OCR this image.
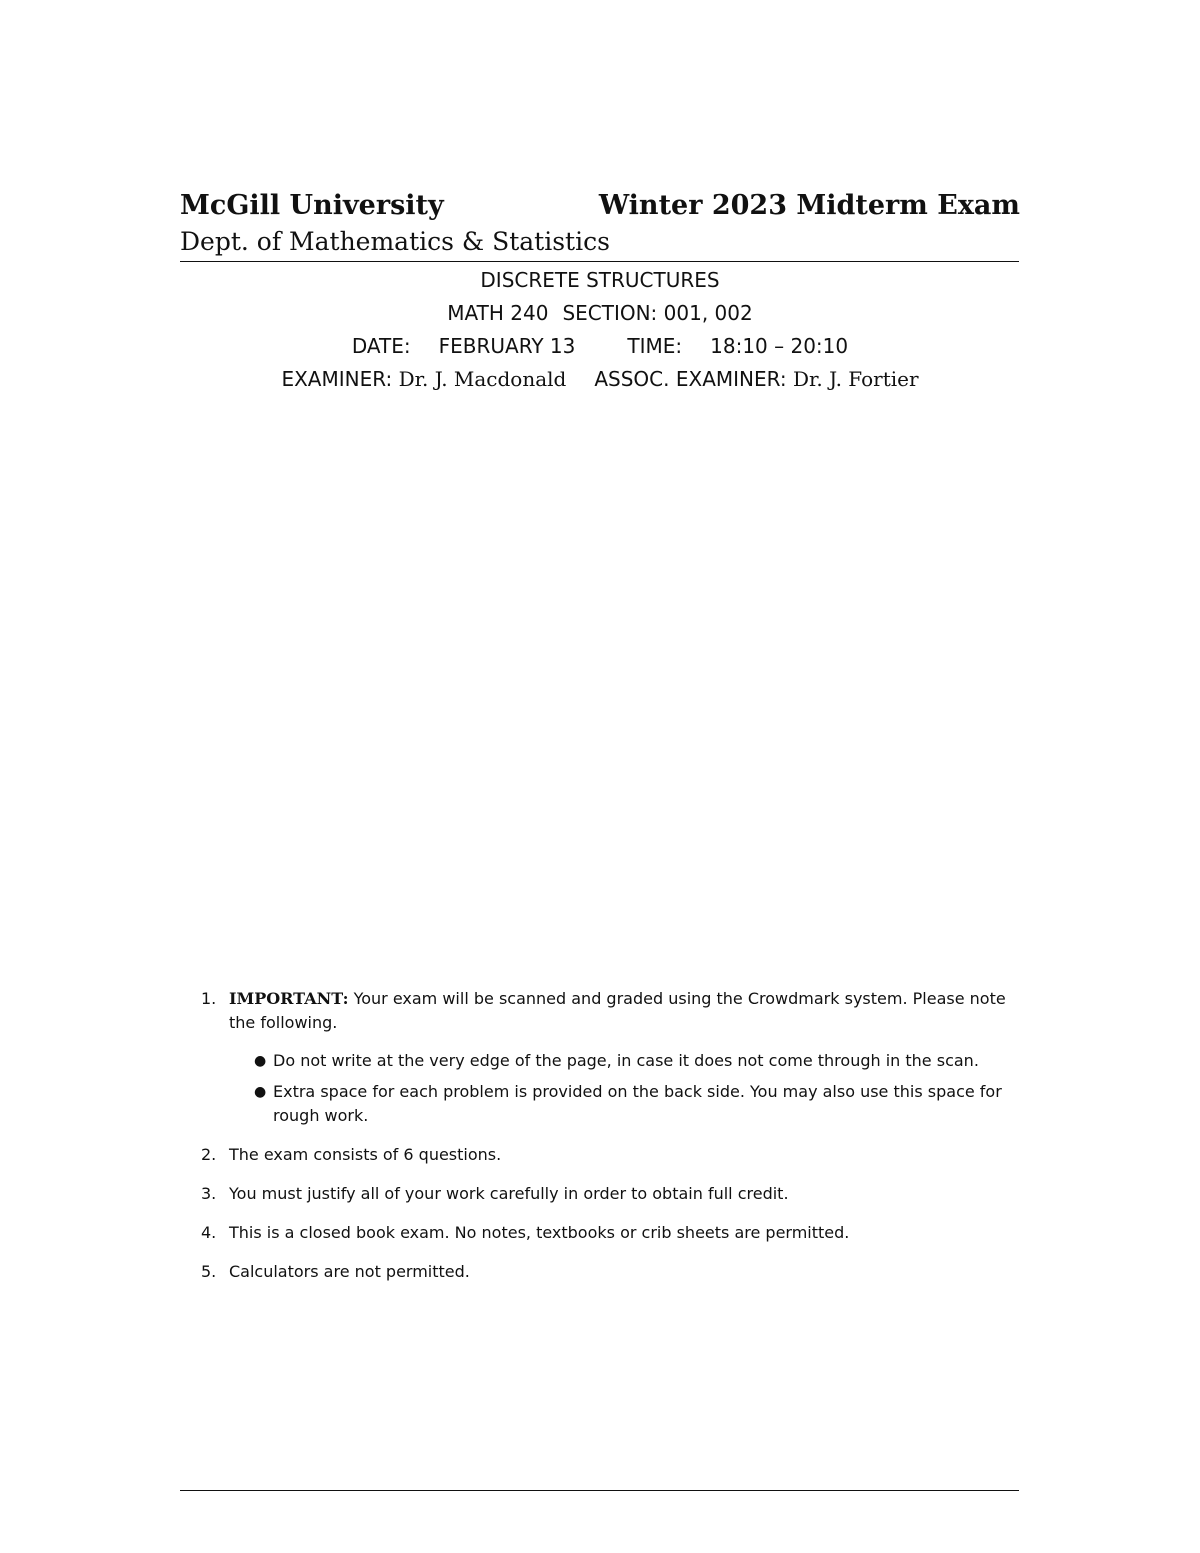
McGill University	Winter 2023 Midterm Exam
Dept. of Mathematics & Statistics
DISCRETE STRUCTURES
MATH 240 SECTION: 001, 002
DATE: FEBRUARY 13	TIME: 18:10 – 20:10
EXAMINER: Dr. J. Macdonald ASSOC. EXAMINER: Dr. J. Fortier
1. IMPORTANT: Your exam will be scanned and graded using the Crowdmark system. Please note the following.
● Do not write at the very edge of the page, in case it does not come through in the scan.
● Extra space for each problem is provided on the back side. You may also use this space for rough work.
2. The exam consists of 6 questions.
3. You must justify all of your work carefully in order to obtain full credit.
4. This is a closed book exam. No notes, textbooks or crib sheets are permitted.
5. Calculators are not permitted.
